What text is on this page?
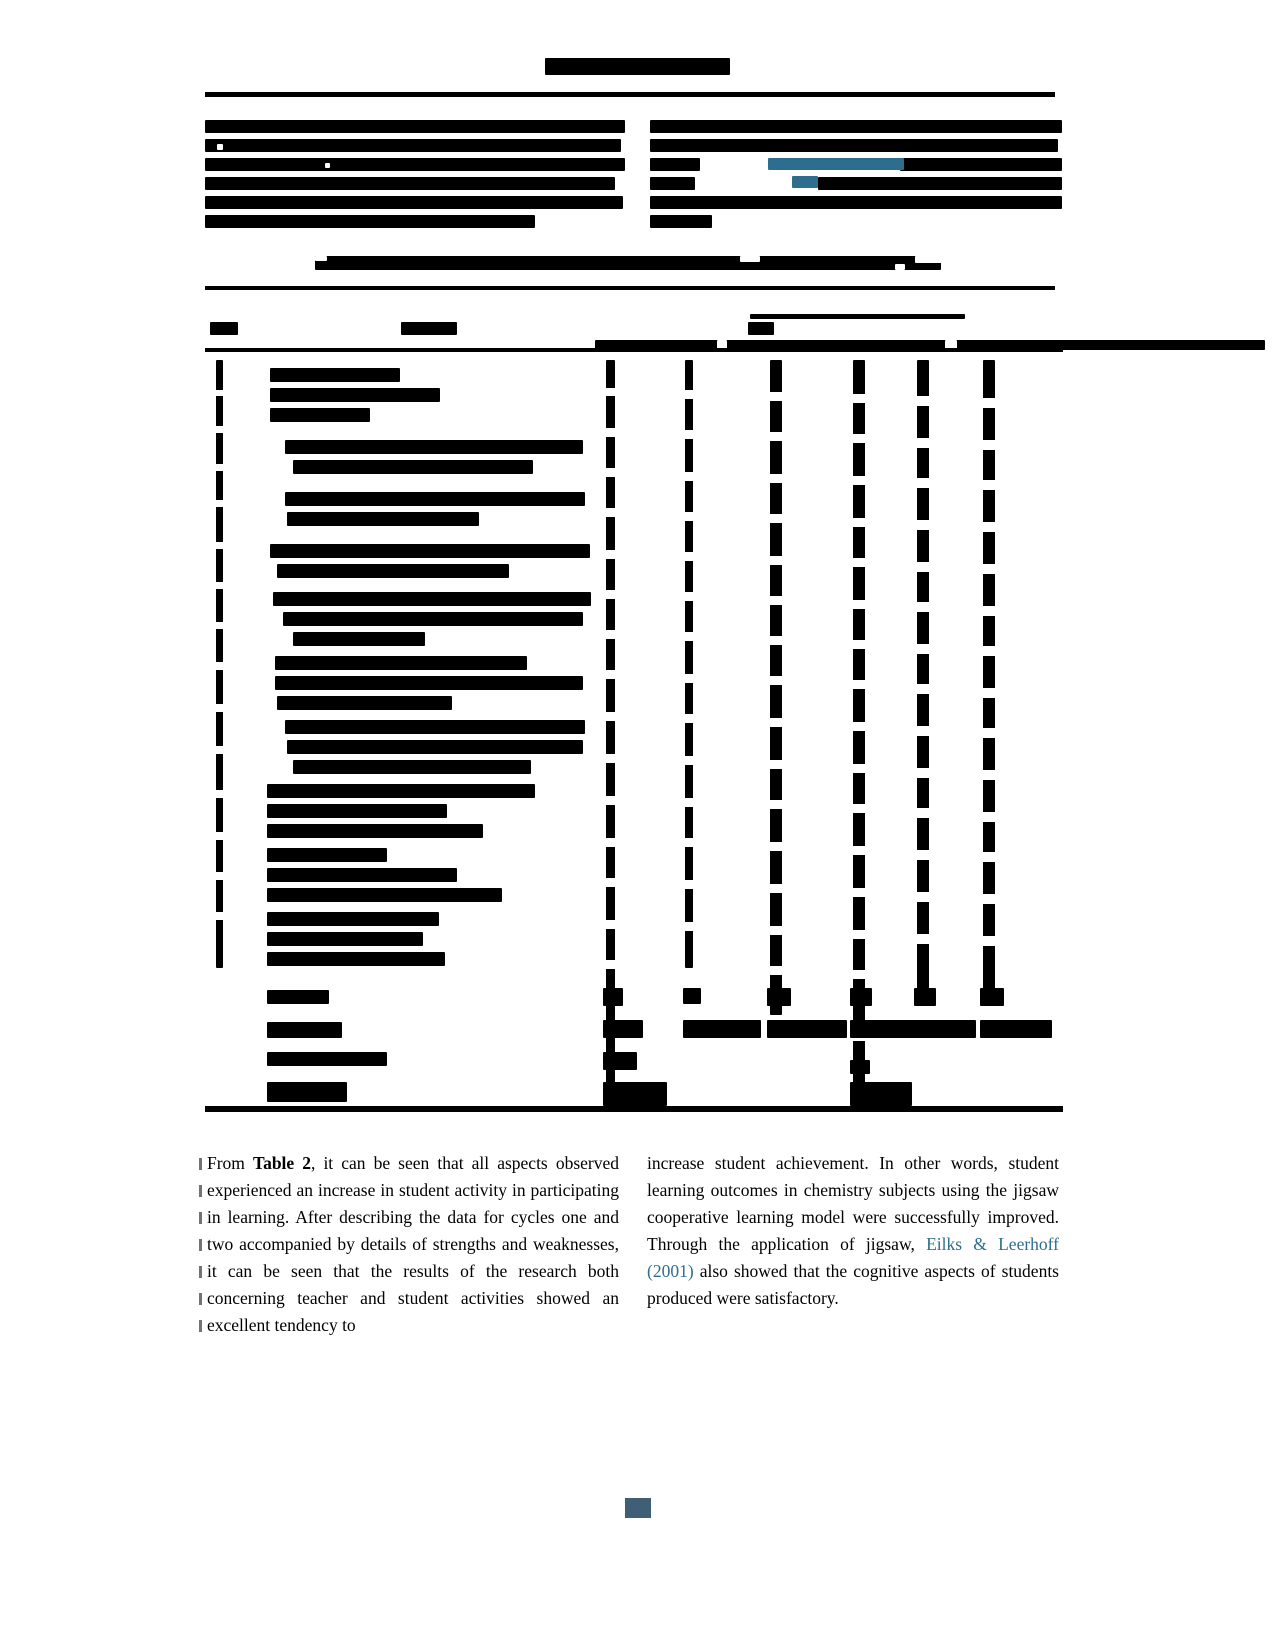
From Table 2, it can be seen that all aspects observed experienced an increase in student activity in participating in learning. After describing the data for cycles one and two accompanied by details of strengths and weaknesses, it can be seen that the results of the research both concerning teacher and student activities showed an excellent tendency to

increase student achievement. In other words, student learning outcomes in chemistry subjects using the jigsaw cooperative learning model were successfully improved. Through the application of jigsaw, Eilks & Leerhoff (2001) also showed that the cognitive aspects of students produced were satisfactory.
